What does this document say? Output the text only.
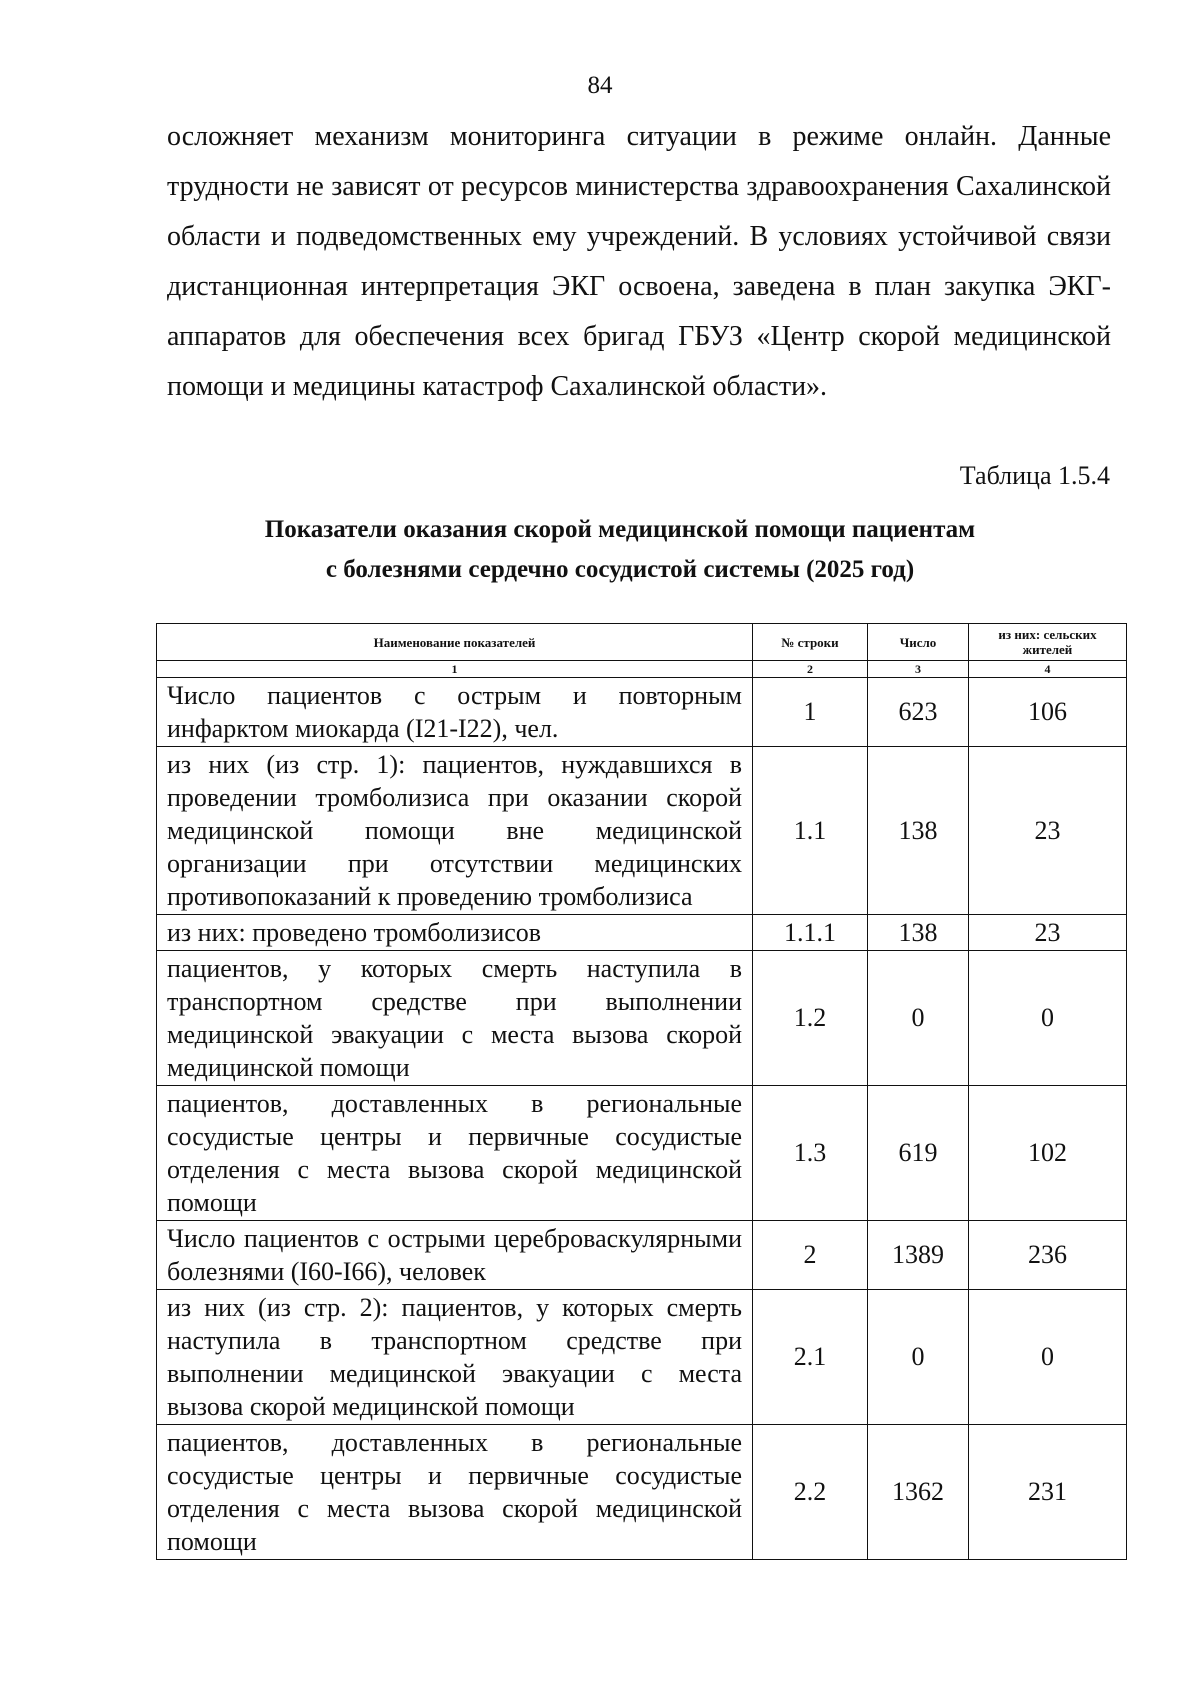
84
осложняет механизм мониторинга ситуации в режиме онлайн. Данные трудности не зависят от ресурсов министерства здравоохранения Сахалинской области и подведомственных ему учреждений. В условиях устойчивой связи дистанционная интерпретация ЭКГ освоена, заведена в план закупка ЭКГ-аппаратов для обеспечения всех бригад ГБУЗ «Центр скорой медицинской помощи и медицины катастроф Сахалинской области».
Таблица 1.5.4
Показатели оказания скорой медицинской помощи пациентам
с болезнями сердечно сосудистой системы (2025 год)
Наименование показателей	№ строки	Число	из них: сельских жителей
1	2	3	4
Число пациентов с острым и повторным инфарктом миокарда (I21-I22), чел.	1	623	106
из них (из стр. 1): пациентов, нуждавшихся в проведении тромболизиса при оказании скорой медицинской помощи вне медицинской организации при отсутствии медицинских противопоказаний к проведению тромболизиса	1.1	138	23
из них: проведено тромболизисов	1.1.1	138	23
пациентов, у которых смерть наступила в транспортном средстве при выполнении медицинской эвакуации с места вызова скорой медицинской помощи	1.2	0	0
пациентов, доставленных в региональные сосудистые центры и первичные сосудистые отделения с места вызова скорой медицинской помощи	1.3	619	102
Число пациентов с острыми цереброваскулярными болезнями (I60-I66), человек	2	1389	236
из них (из стр. 2): пациентов, у которых смерть наступила в транспортном средстве при выполнении медицинской эвакуации с места вызова скорой медицинской помощи	2.1	0	0
пациентов, доставленных в региональные сосудистые центры и первичные сосудистые отделения с места вызова скорой медицинской помощи	2.2	1362	231
